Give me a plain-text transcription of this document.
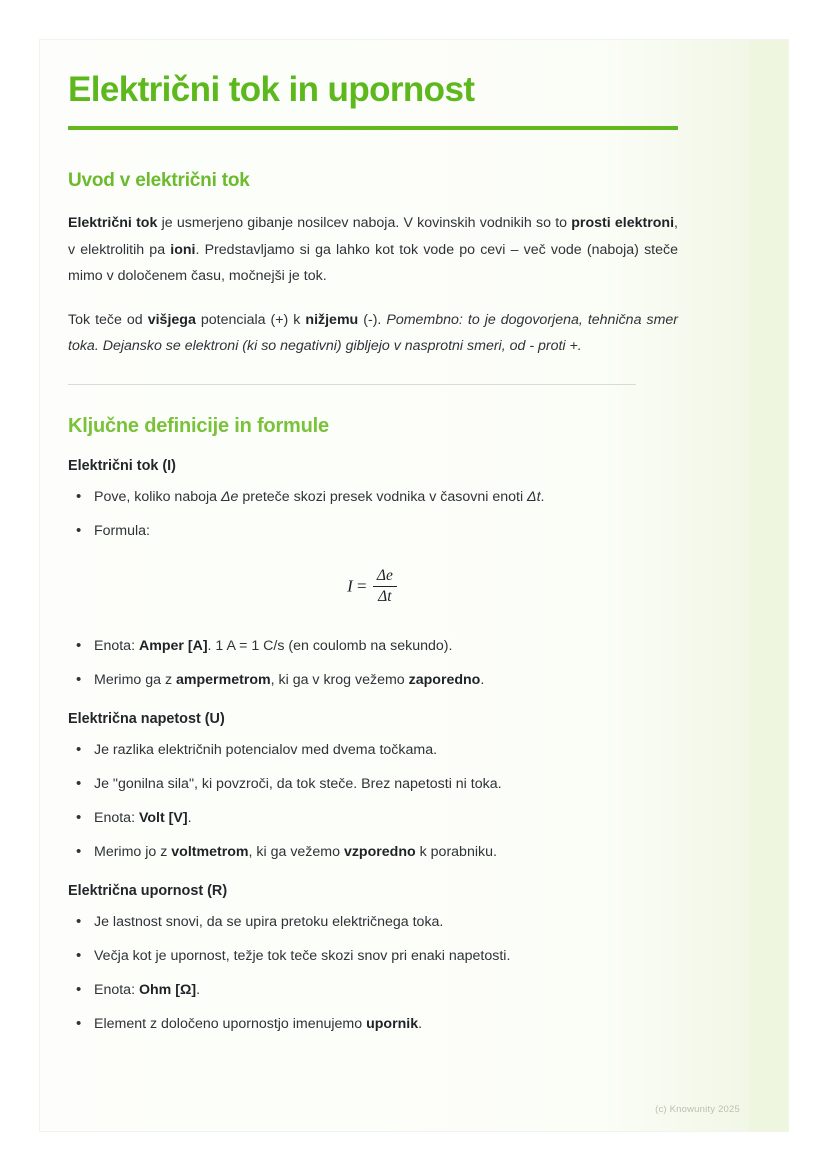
Električni tok in upornost
Uvod v električni tok

Električni tok je usmerjeno gibanje nosilcev naboja. V kovinskih vodnikih so to prosti elektroni, v elektrolitih pa ioni. Predstavljamo si ga lahko kot tok vode po cevi – več vode (naboja) steče mimo v določenem času, močnejši je tok.

Tok teče od višjega potenciala (+) k nižjemu (-). Pomembno: to je dogovorjena, tehnična smer toka. Dejansko se elektroni (ki so negativni) gibljejo v nasprotni smeri, od - proti +.

Ključne definicije in formule
Električni tok (I)
• Pove, koliko naboja Δe preteče skozi presek vodnika v časovni enoti Δt.
• Formula:
$I = \frac{\Delta e}{\Delta t}$
• Enota: Amper [A]. 1 A = 1 C/s (en coulomb na sekundo).
• Merimo ga z ampermetrom, ki ga v krog vežemo zaporedno.
Električna napetost (U)
• Je razlika električnih potencialov med dvema točkama.
• Je "gonilna sila", ki povzroči, da tok steče. Brez napetosti ni toka.
• Enota: Volt [V].
• Merimo jo z voltmetrom, ki ga vežemo vzporedno k porabniku.
Električna upornost (R)
• Je lastnost snovi, da se upira pretoku električnega toka.
• Večja kot je upornost, težje tok teče skozi snov pri enaki napetosti.
• Enota: Ohm [Ω].
• Element z določeno upornostjo imenujemo upornik.
(c) Knowunity 2025
